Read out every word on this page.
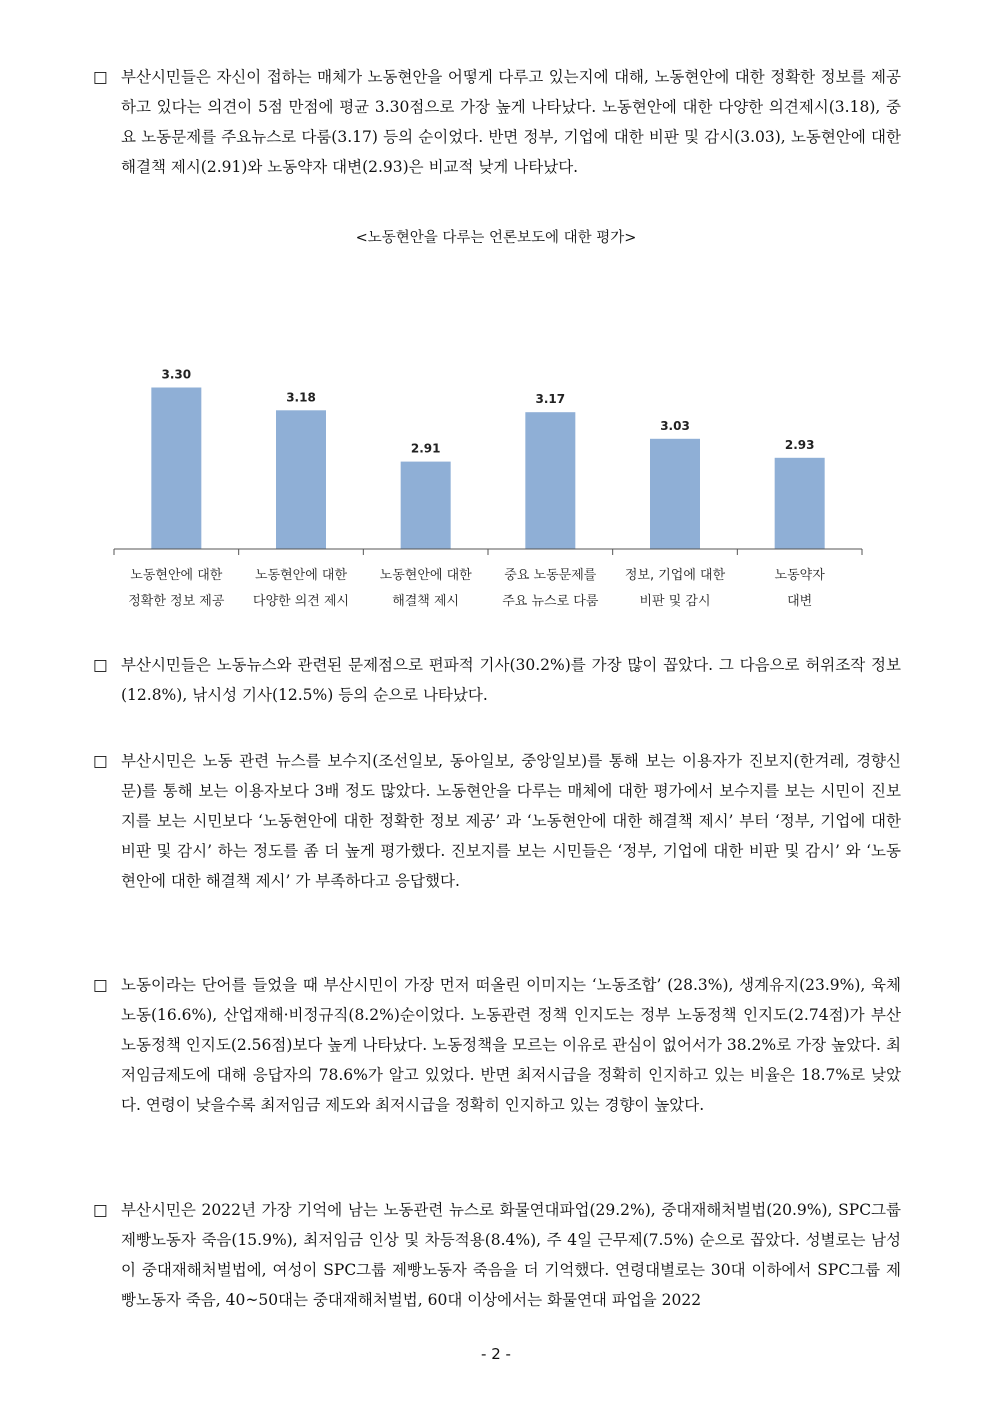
□ 부산시민들은 자신이 접하는 매체가 노동현안을 어떻게 다루고 있는지에 대해, 노동현안에 대한 정확한 정보를 제공하고 있다는 의견이 5점 만점에 평균 3.30점으로 가장 높게 나타났다. 노동현안에 대한 다양한 의견제시(3.18), 중요 노동문제를 주요뉴스로 다룸(3.17) 등의 순이었다. 반면 정부, 기업에 대한 비판 및 감시(3.03), 노동현안에 대한 해결책 제시(2.91)와 노동약자 대변(2.93)은 비교적 낮게 나타났다.
<노동현안을 다루는 언론보도에 대한 평가>
3.30
노동현안에 대한
정확한 정보 제공
3.18
노동현안에 대한
다양한 의견 제시
2.91
노동현안에 대한
해결책 제시
3.17
중요 노동문제를
주요 뉴스로 다룸
3.03
정보, 기업에 대한
비판 및 감시
2.93
노동약자
대변
□ 부산시민들은 노동뉴스와 관련된 문제점으로 편파적 기사(30.2%)를 가장 많이 꼽았다. 그 다음으로 허위조작 정보(12.8%), 낚시성 기사(12.5%) 등의 순으로 나타났다.
□ 부산시민은 노동 관련 뉴스를 보수지(조선일보, 동아일보, 중앙일보)를 통해 보는 이용자가 진보지(한겨레, 경향신문)를 통해 보는 이용자보다 3배 정도 많았다. 노동현안을 다루는 매체에 대한 평가에서 보수지를 보는 시민이 진보지를 보는 시민보다 ‘노동현안에 대한 정확한 정보 제공’ 과 ‘노동현안에 대한 해결책 제시’ 부터 ‘정부, 기업에 대한 비판 및 감시’ 하는 정도를 좀 더 높게 평가했다. 진보지를 보는 시민들은 ‘정부, 기업에 대한 비판 및 감시’ 와 ‘노동현안에 대한 해결책 제시’ 가 부족하다고 응답했다.
□ 노동이라는 단어를 들었을 때 부산시민이 가장 먼저 떠올린 이미지는 ‘노동조합’ (28.3%), 생계유지(23.9%), 육체노동(16.6%), 산업재해·비정규직(8.2%)순이었다. 노동관련 정책 인지도는 정부 노동정책 인지도(2.74점)가 부산 노동정책 인지도(2.56점)보다 높게 나타났다. 노동정책을 모르는 이유로 관심이 없어서가 38.2%로 가장 높았다. 최저임금제도에 대해 응답자의 78.6%가 알고 있었다. 반면 최저시급을 정확히 인지하고 있는 비율은 18.7%로 낮았다. 연령이 낮을수록 최저임금 제도와 최저시급을 정확히 인지하고 있는 경향이 높았다.
□ 부산시민은 2022년 가장 기억에 남는 노동관련 뉴스로 화물연대파업(29.2%), 중대재해처벌법(20.9%), SPC그룹 제빵노동자 죽음(15.9%), 최저임금 인상 및 차등적용(8.4%), 주 4일 근무제(7.5%) 순으로 꼽았다. 성별로는 남성이 중대재해처벌법에, 여성이 SPC그룹 제빵노동자 죽음을 더 기억했다. 연령대별로는 30대 이하에서 SPC그룹 제빵노동자 죽음, 40~50대는 중대재해처벌법, 60대 이상에서는 화물연대 파업을 2022
- 2 -
